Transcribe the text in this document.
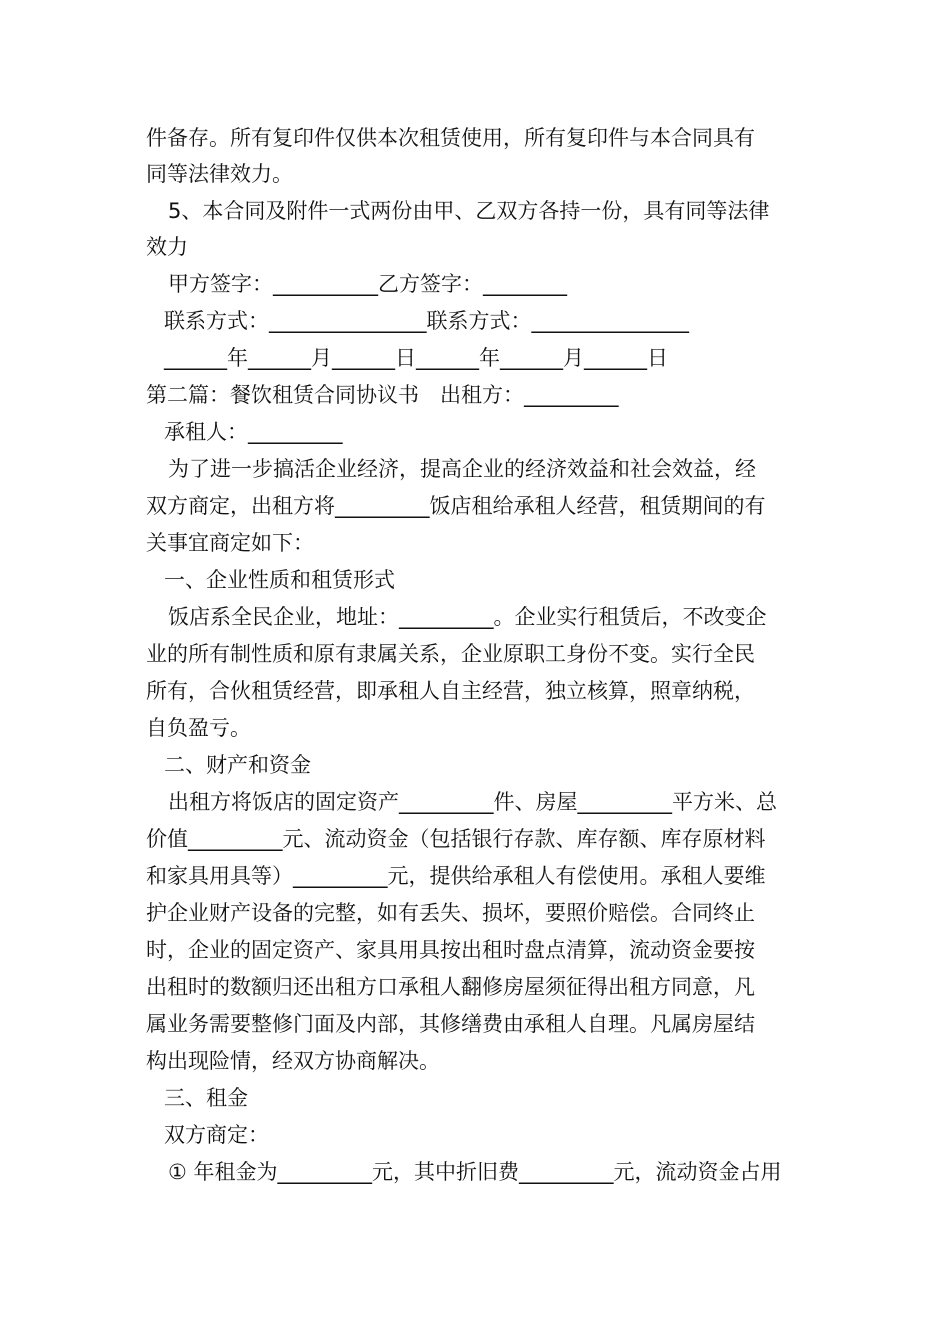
件备存。所有复印件仅供本次租赁使用，所有复印件与本合同具有
同等法律效力。
5、本合同及附件一式两份由甲、乙双方各持一份，具有同等法律
效力
甲方签字：__________乙方签字：________
联系方式：_______________联系方式：_______________
______年______月______日______年______月______日
第二篇：餐饮租赁合同协议书　出租方：_________
承租人：_________
为了进一步搞活企业经济，提高企业的经济效益和社会效益，经
双方商定，出租方将_________饭店租给承租人经营，租赁期间的有
关事宜商定如下：
一、企业性质和租赁形式
饭店系全民企业，地址：_________。企业实行租赁后，不改变企
业的所有制性质和原有隶属关系，企业原职工身份不变。实行全民
所有，合伙租赁经营，即承租人自主经营，独立核算，照章纳税，
自负盈亏。
二、财产和资金
出租方将饭店的固定资产_________件、房屋_________平方米、总
价值_________元、流动资金（包括银行存款、库存额、库存原材料
和家具用具等）_________元，提供给承租人有偿使用。承租人要维
护企业财产设备的完整，如有丢失、损坏，要照价赔偿。合同终止
时，企业的固定资产、家具用具按出租时盘点清算，流动资金要按
出租时的数额归还出租方口承租人翻修房屋须征得出租方同意，凡
属业务需要整修门面及内部，其修缮费由承租人自理。凡属房屋结
构出现险情，经双方协商解决。
三、租金
双方商定：
① 年租金为_________元，其中折旧费_________元，流动资金占用
